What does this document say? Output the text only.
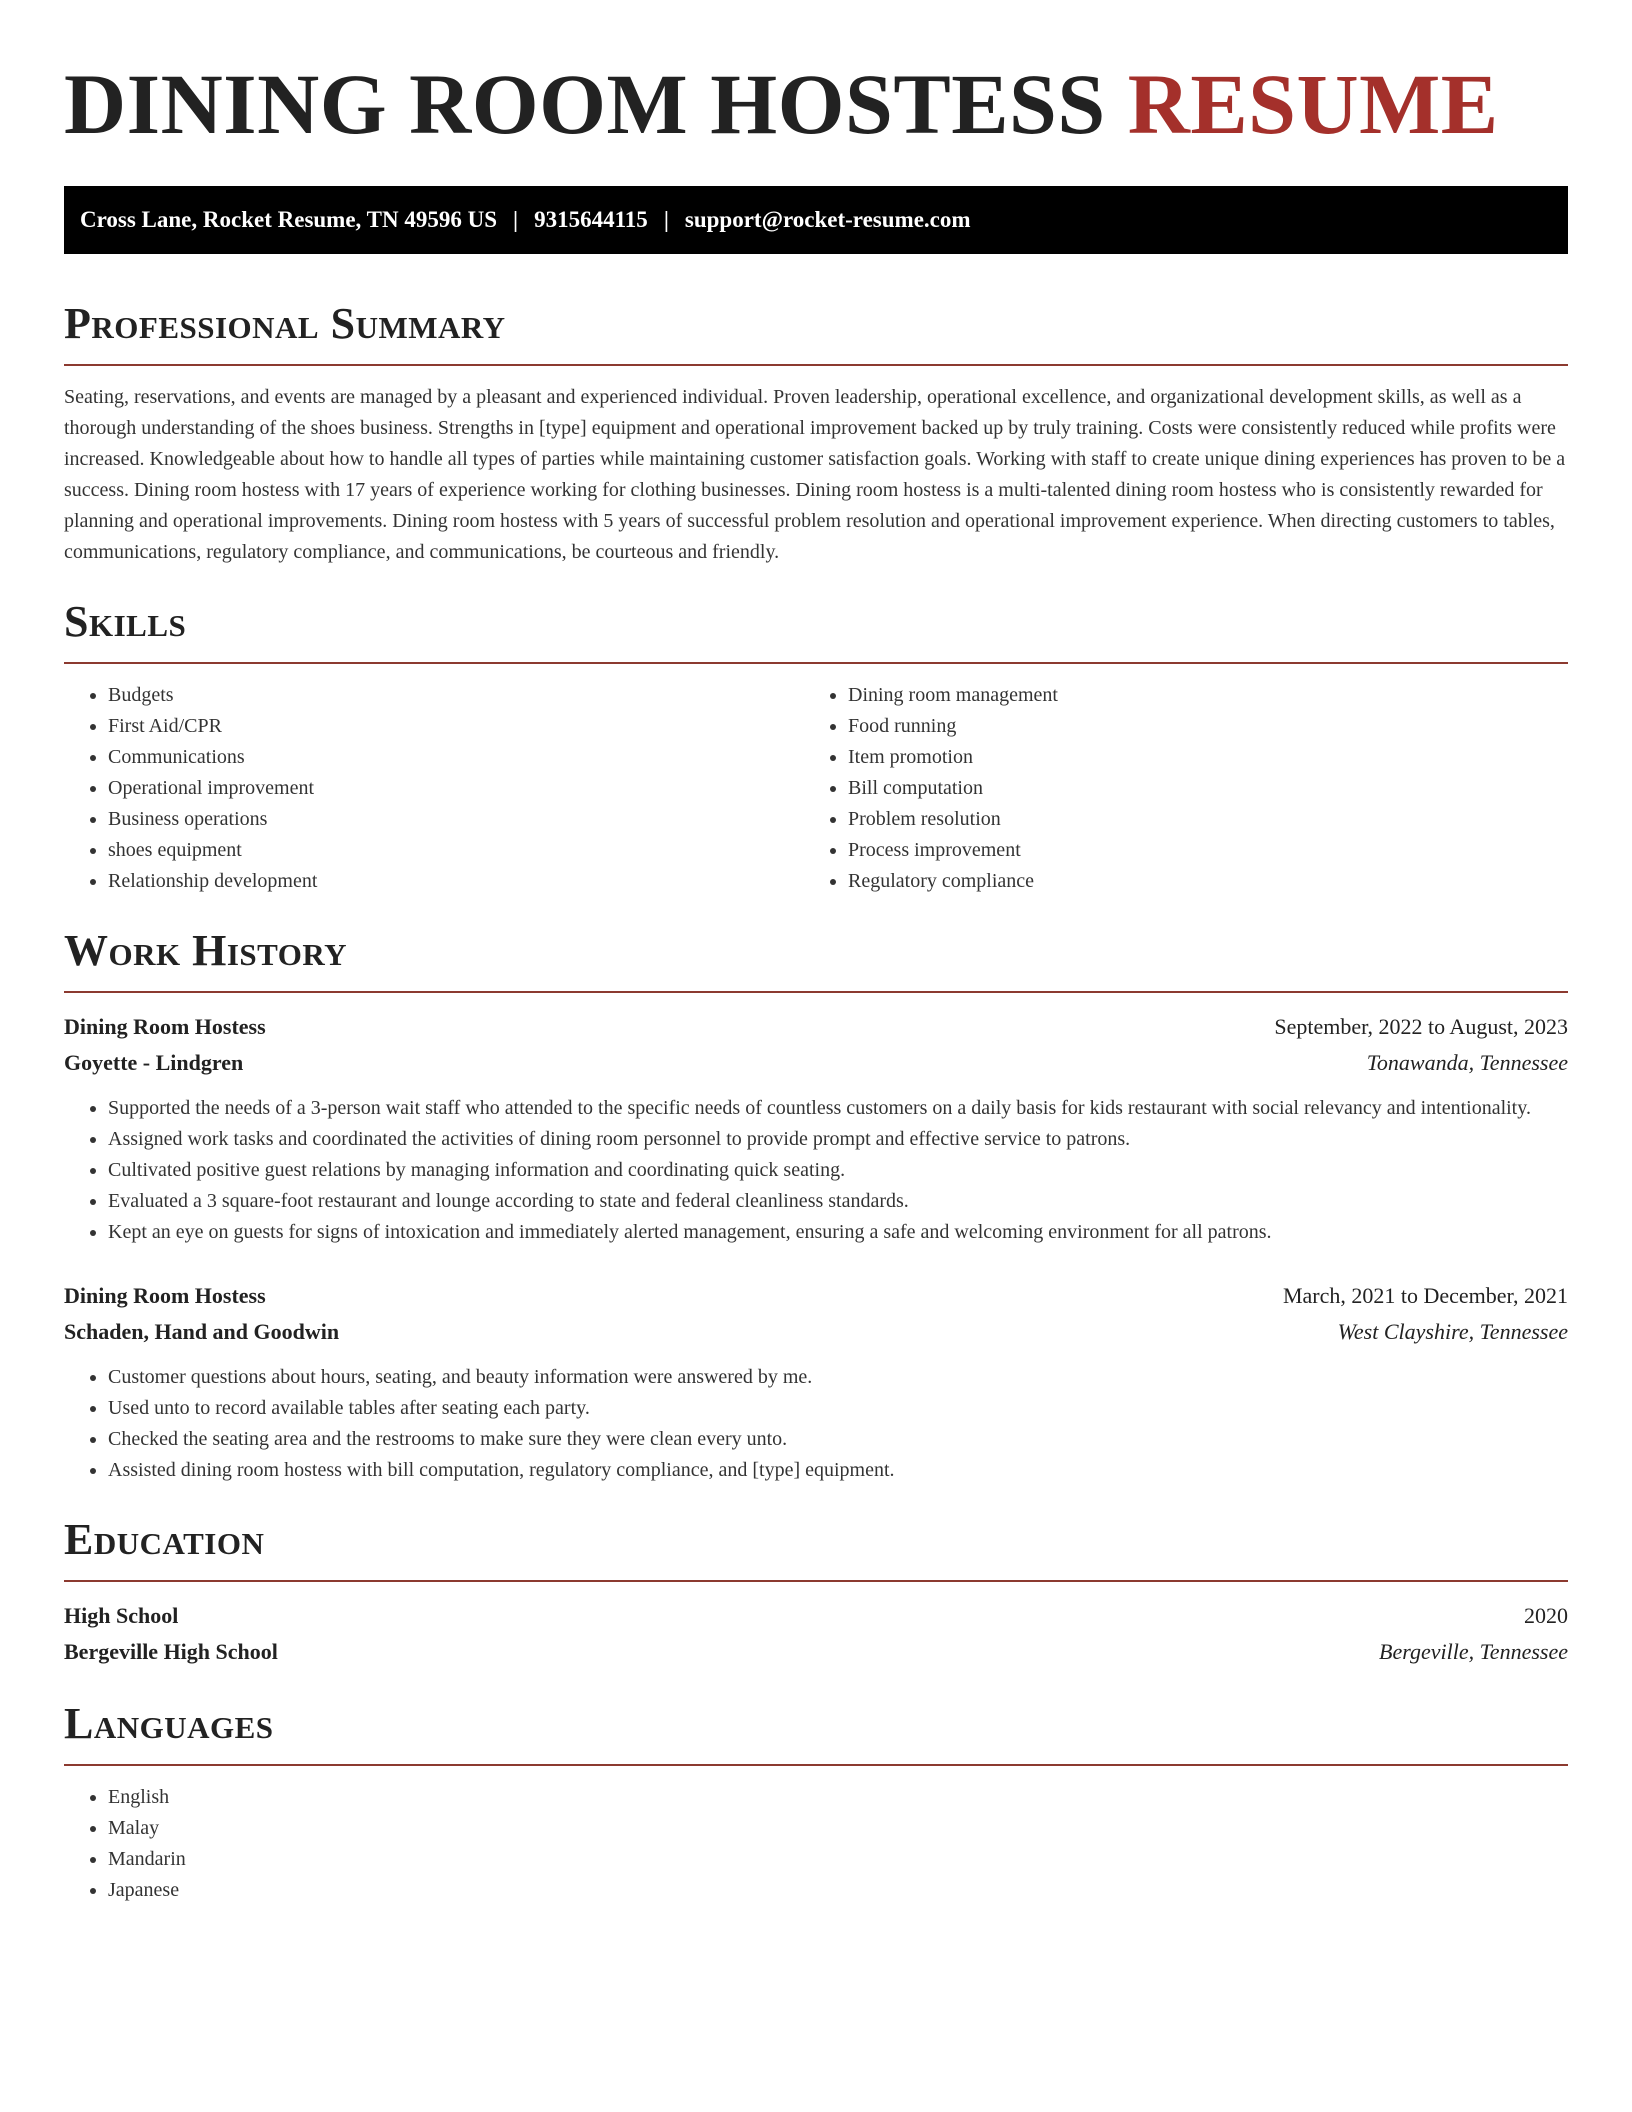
DINING ROOM HOSTESS RESUME
Cross Lane, Rocket Resume, TN 49596 US | 9315644115 | support@rocket-resume.com
Professional Summary

Seating, reservations, and events are managed by a pleasant and experienced individual. Proven leadership, operational excellence, and organizational development skills, as well as a thorough understanding of the shoes business. Strengths in [type] equipment and operational improvement backed up by truly training. Costs were consistently reduced while profits were increased. Knowledgeable about how to handle all types of parties while maintaining customer satisfaction goals. Working with staff to create unique dining experiences has proven to be a success. Dining room hostess with 17 years of experience working for clothing businesses. Dining room hostess is a multi-talented dining room hostess who is consistently rewarded for planning and operational improvements. Dining room hostess with 5 years of successful problem resolution and operational improvement experience. When directing customers to tables, communications, regulatory compliance, and communications, be courteous and friendly.

Skills
• Budgets
• First Aid/CPR
• Communications
• Operational improvement
• Business operations
• shoes equipment
• Relationship development
• Dining room management
• Food running
• Item promotion
• Bill computation
• Problem resolution
• Process improvement
• Regulatory compliance
Work History
Dining Room Hostess	September, 2022 to August, 2023
Goyette - Lindgren	Tonawanda, Tennessee
• Supported the needs of a 3-person wait staff who attended to the specific needs of countless customers on a daily basis for kids restaurant with social relevancy and intentionality.
• Assigned work tasks and coordinated the activities of dining room personnel to provide prompt and effective service to patrons.
• Cultivated positive guest relations by managing information and coordinating quick seating.
• Evaluated a 3 square-foot restaurant and lounge according to state and federal cleanliness standards.
• Kept an eye on guests for signs of intoxication and immediately alerted management, ensuring a safe and welcoming environment for all patrons.
Dining Room Hostess	March, 2021 to December, 2021
Schaden, Hand and Goodwin	West Clayshire, Tennessee
• Customer questions about hours, seating, and beauty information were answered by me.
• Used unto to record available tables after seating each party.
• Checked the seating area and the restrooms to make sure they were clean every unto.
• Assisted dining room hostess with bill computation, regulatory compliance, and [type] equipment.
Education
High School	2020
Bergeville High School	Bergeville, Tennessee
Languages
• English
• Malay
• Mandarin
• Japanese
